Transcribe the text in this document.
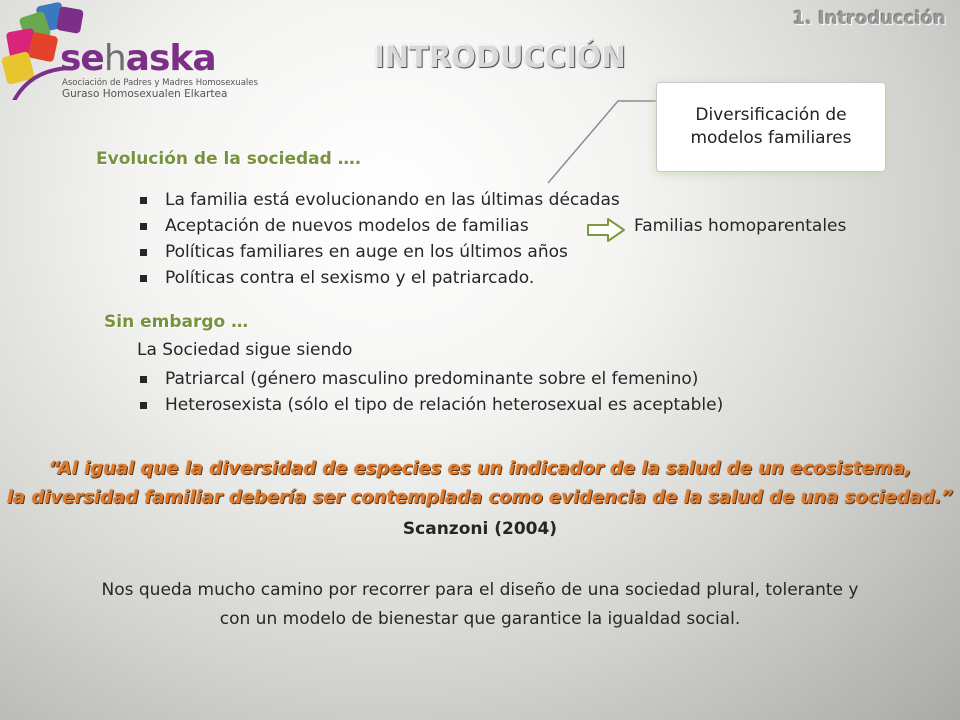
sehaska
Asociación de Padres y Madres Homosexuales
Guraso Homosexualen Elkartea
1. Introducción
INTRODUCCIÓN
Diversificación de modelos familiares
Evolución de la sociedad ….
La familia está evolucionando en las últimas décadas
Aceptación de nuevos modelos de familias
Políticas familiares en auge en los últimos años
Políticas contra el sexismo y el patriarcado.
Familias homoparentales
Sin embargo …
La Sociedad sigue siendo
Patriarcal (género masculino predominante sobre el femenino)
Heterosexista (sólo el tipo de relación heterosexual es aceptable)
“Al igual que la diversidad de especies es un indicador de la salud de un ecosistema,
la diversidad familiar debería ser contemplada como evidencia de la salud de una sociedad.”
Scanzoni (2004)
Nos queda mucho camino por recorrer para el diseño de una sociedad plural, tolerante y
con un modelo de bienestar que garantice la igualdad social.
